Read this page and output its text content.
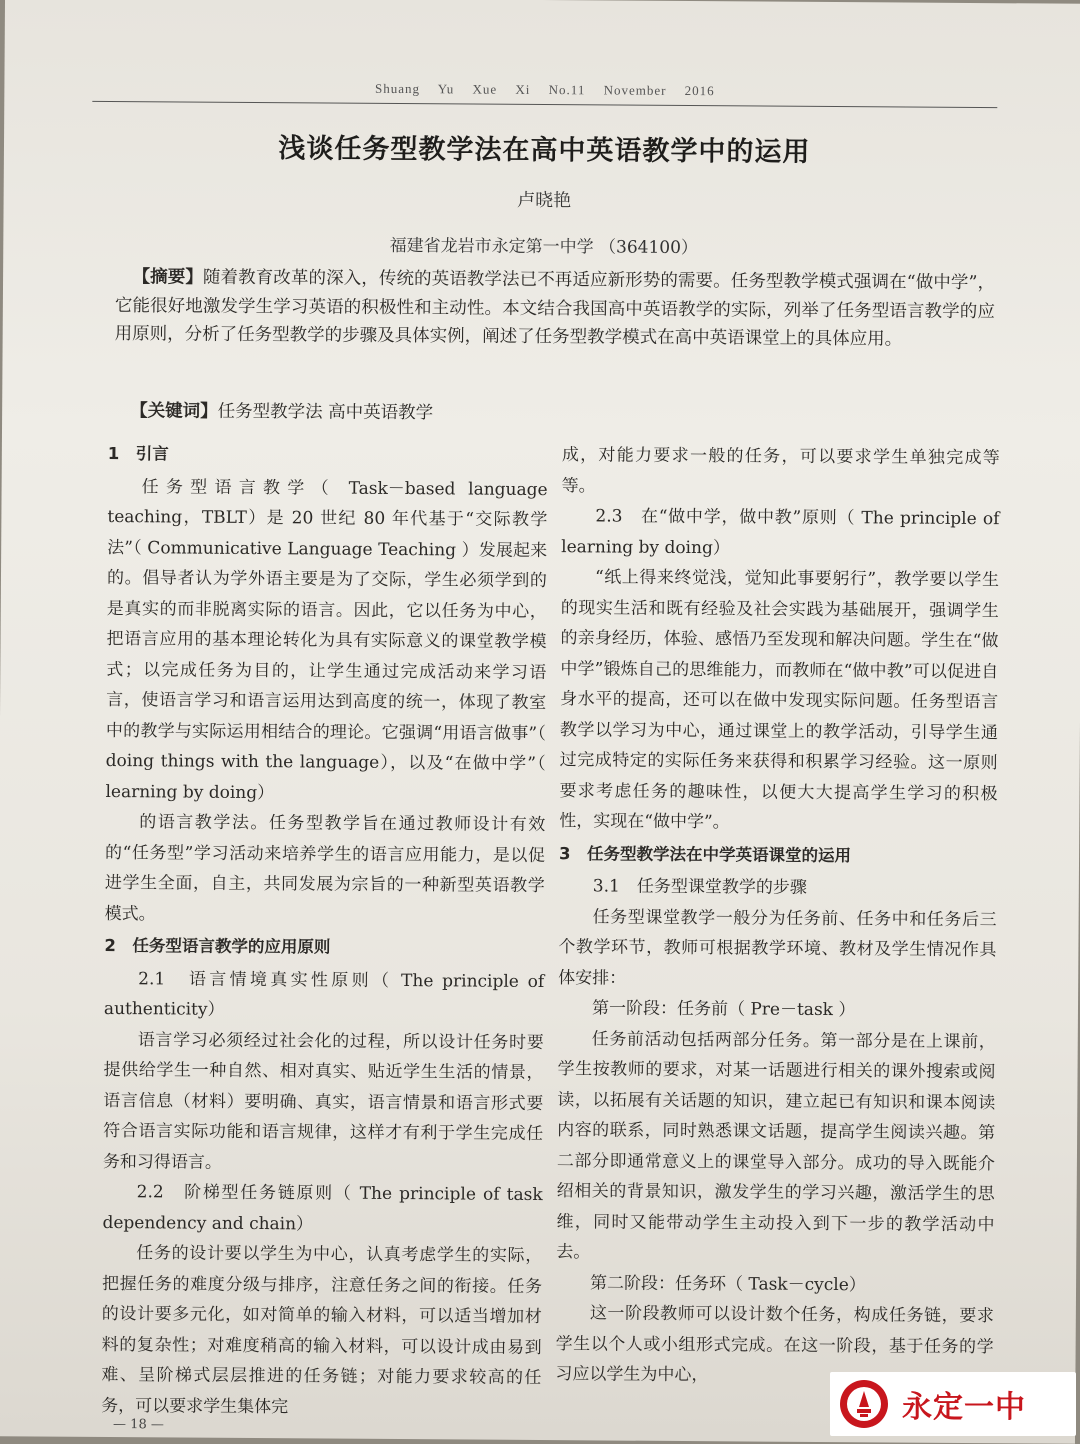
Shuang Yu Xue Xi No.11 November 2016
浅谈任务型教学法在高中英语教学中的运用
卢晓艳
福建省龙岩市永定第一中学 （364100）

【摘要】随着教育改革的深入，传统的英语教学法已不再适应新形势的需要。任务型教学模式强调在“做中学”，它能很好地激发学生学习英语的积极性和主动性。本文结合我国高中英语教学的实际，列举了任务型语言教学的应用原则，分析了任务型教学的步骤及具体实例，阐述了任务型教学模式在高中英语课堂上的具体应用。

【关键词】任务型教学法 高中英语教学

1　引言

任务型语言教学（ Task－based language teaching，TBLT）是 20 世纪 80 年代基于“交际教学法”（ Communicative Language Teaching ）发展起来的。倡导者认为学外语主要是为了交际，学生必须学到的是真实的而非脱离实际的语言。因此，它以任务为中心，把语言应用的基本理论转化为具有实际意义的课堂教学模式；以完成任务为目的，让学生通过完成活动来学习语言，使语言学习和语言运用达到高度的统一，体现了教室中的教学与实际运用相结合的理论。它强调“用语言做事”（ doing things with the language），以及“在做中学”（ learning by doing）

的语言教学法。任务型教学旨在通过教师设计有效的“任务型”学习活动来培养学生的语言应用能力，是以促进学生全面，自主，共同发展为宗旨的一种新型英语教学模式。

2　任务型语言教学的应用原则

2.1　语言情境真实性原则（ The principle of authenticity）

语言学习必须经过社会化的过程，所以设计任务时要提供给学生一种自然、相对真实、贴近学生生活的情景，语言信息（材料）要明确、真实，语言情景和语言形式要符合语言实际功能和语言规律，这样才有利于学生完成任务和习得语言。

2.2　阶梯型任务链原则（ The principle of task dependency and chain）

任务的设计要以学生为中心，认真考虑学生的实际，把握任务的难度分级与排序，注意任务之间的衔接。任务的设计要多元化，如对简单的输入材料，可以适当增加材料的复杂性；对难度稍高的输入材料，可以设计成由易到难、呈阶梯式层层推进的任务链；对能力要求较高的任务，可以要求学生集体完

成，对能力要求一般的任务，可以要求学生单独完成等等。

2.3　在“做中学，做中教”原则（ The principle of learning by doing）

“纸上得来终觉浅，觉知此事要躬行”，教学要以学生的现实生活和既有经验及社会实践为基础展开，强调学生的亲身经历，体验、感悟乃至发现和解决问题。学生在“做中学”锻炼自己的思维能力，而教师在“做中教”可以促进自身水平的提高，还可以在做中发现实际问题。任务型语言教学以学习为中心，通过课堂上的教学活动，引导学生通过完成特定的实际任务来获得和积累学习经验。这一原则要求考虑任务的趣味性，以便大大提高学生学习的积极性，实现在“做中学”。

3　任务型教学法在中学英语课堂的运用

3.1　任务型课堂教学的步骤

任务型课堂教学一般分为任务前、任务中和任务后三个教学环节，教师可根据教学环境、教材及学生情况作具体安排：

第一阶段：任务前（ Pre－task ）

任务前活动包括两部分任务。第一部分是在上课前，学生按教师的要求，对某一话题进行相关的课外搜索或阅读，以拓展有关话题的知识，建立起已有知识和课本阅读内容的联系，同时熟悉课文话题，提高学生阅读兴趣。第二部分即通常意义上的课堂导入部分。成功的导入既能介绍相关的背景知识，激发学生的学习兴趣，激活学生的思维，同时又能带动学生主动投入到下一步的教学活动中去。

第二阶段：任务环（ Task－cycle）

这一阶段教师可以设计数个任务，构成任务链，要求学生以个人或小组形式完成。在这一阶段，基于任务的学习应以学生为中心，

— 18 —	永定一中
